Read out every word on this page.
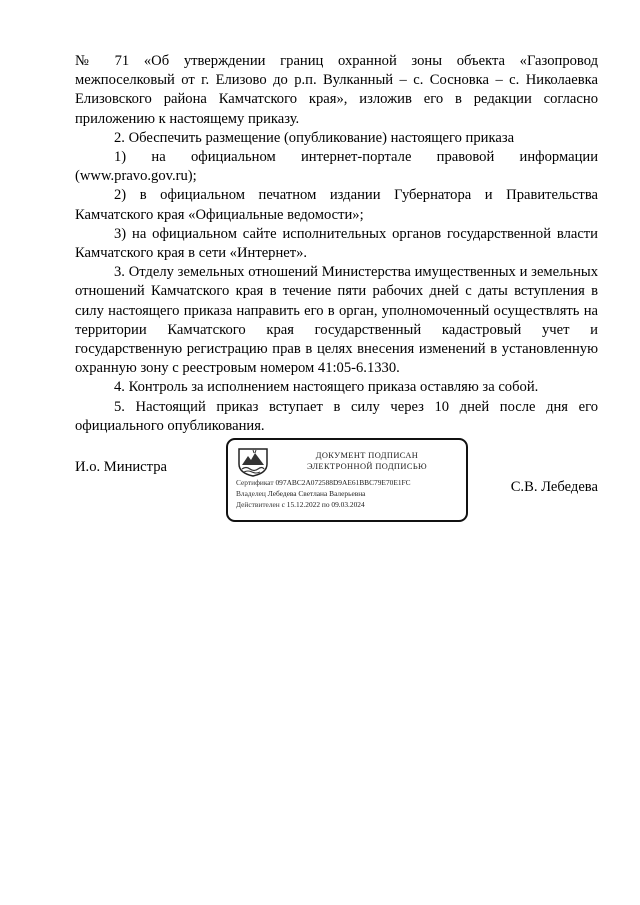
№ 71 «Об утверждении границ охранной зоны объекта «Газопровод межпоселковый от г. Елизово до р.п. Вулканный – с. Сосновка – с. Николаевка Елизовского района Камчатского края», изложив его в редакции согласно приложению к настоящему приказу.

2. Обеспечить размещение (опубликование) настоящего приказа

1) на официальном интернет-портале правовой информации (www.pravo.gov.ru);

2) в официальном печатном издании Губернатора и Правительства Камчатского края «Официальные ведомости»;

3) на официальном сайте исполнительных органов государственной власти Камчатского края в сети «Интернет».

3. Отделу земельных отношений Министерства имущественных и земельных отношений Камчатского края в течение пяти рабочих дней с даты вступления в силу настоящего приказа направить его в орган, уполномоченный осуществлять на территории Камчатского края государственный кадастровый учет и государственную регистрацию прав в целях внесения изменений в установленную охранную зону с реестровым номером 41:05-6.1330.

4. Контроль за исполнением настоящего приказа оставляю за собой.

5. Настоящий приказ вступает в силу через 10 дней после дня его официального опубликования.

И.о. Министра
ДОКУМЕНТ ПОДПИСАН
ЭЛЕКТРОННОЙ ПОДПИСЬЮ
Сертификат 097ABC2A072588D9AE61BBC79E70E1FC
Владелец Лебедева Светлана Валерьевна
Действителен с 15.12.2022 по 09.03.2024
С.В. Лебедева
